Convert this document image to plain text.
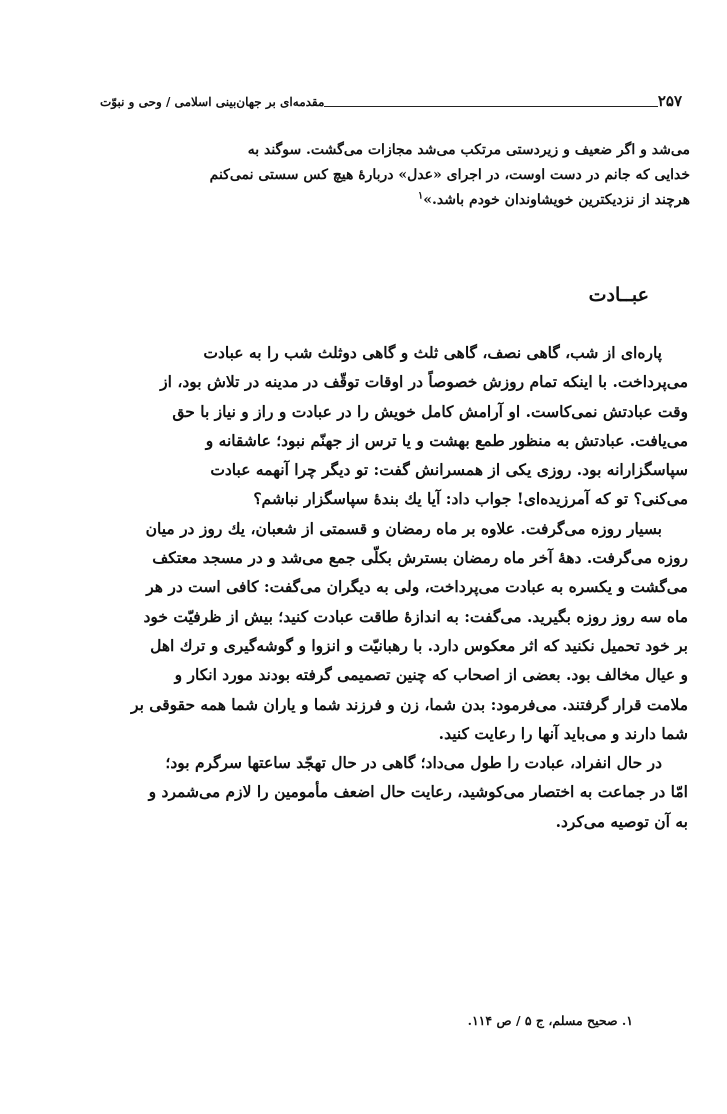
مقدمه‌ای بر جهان‌بینی اسلامی / وحی و نبوّت	۲۵۷
می‌شد و اگر ضعیف و زیردستی مرتکب می‌شد مجازات می‌گشت. سوگند به
خدایی که جانم در دست اوست، در اجرای «عدل» دربارهٔ هیچ کس سستی نمی‌کنم
هرچند از نزدیکترین خویشاوندان خودم باشد.»$^۱$
عبــادت
پاره‌ای از شب، گاهی نصف، گاهی ثلث و گاهی دوثلث شب را به عبادت
می‌پرداخت. با اینکه تمام روزش خصوصاً در اوقات توقّف در مدینه در تلاش بود، از
وقت عبادتش نمی‌کاست. او آرامش کامل خویش را در عبادت و راز و نیاز با حق
می‌یافت. عبادتش به منظور طمع بهشت و یا ترس از جهنّم نبود؛ عاشقانه و
سپاسگزارانه بود. روزی یکی از همسرانش گفت: تو دیگر چرا آنهمه عبادت
می‌کنی؟ تو که آمرزیده‌ای! جواب داد: آیا یك بندهٔ سپاسگزار نباشم؟
بسیار روزه می‌گرفت. علاوه بر ماه رمضان و قسمتی از شعبان، یك روز در میان
روزه می‌گرفت. دههٔ آخر ماه رمضان بسترش بکلّی جمع می‌شد و در مسجد معتکف
می‌گشت و یکسره به عبادت می‌پرداخت، ولی به دیگران می‌گفت: کافی است در هر
ماه سه روز روزه بگیرید. می‌گفت: به اندازهٔ طاقت عبادت کنید؛ بیش از ظرفیّت خود
بر خود تحمیل نکنید که اثر معکوس دارد. با رهبانیّت و انزوا و گوشه‌گیری و ترك اهل
و عیال مخالف بود. بعضی از اصحاب که چنین تصمیمی گرفته بودند مورد انکار و
ملامت قرار گرفتند. می‌فرمود: بدن شما، زن و فرزند شما و یاران شما همه حقوقی بر
شما دارند و می‌باید آنها را رعایت کنید.
در حال انفراد، عبادت را طول می‌داد؛ گاهی در حال تهجّد ساعتها سرگرم بود؛
امّا در جماعت به اختصار می‌کوشید، رعایت حال اضعف مأمومین را لازم می‌شمرد و
به آن توصیه می‌کرد.
۱. صحیح مسلم، ج ۵ / ص ۱۱۴.
